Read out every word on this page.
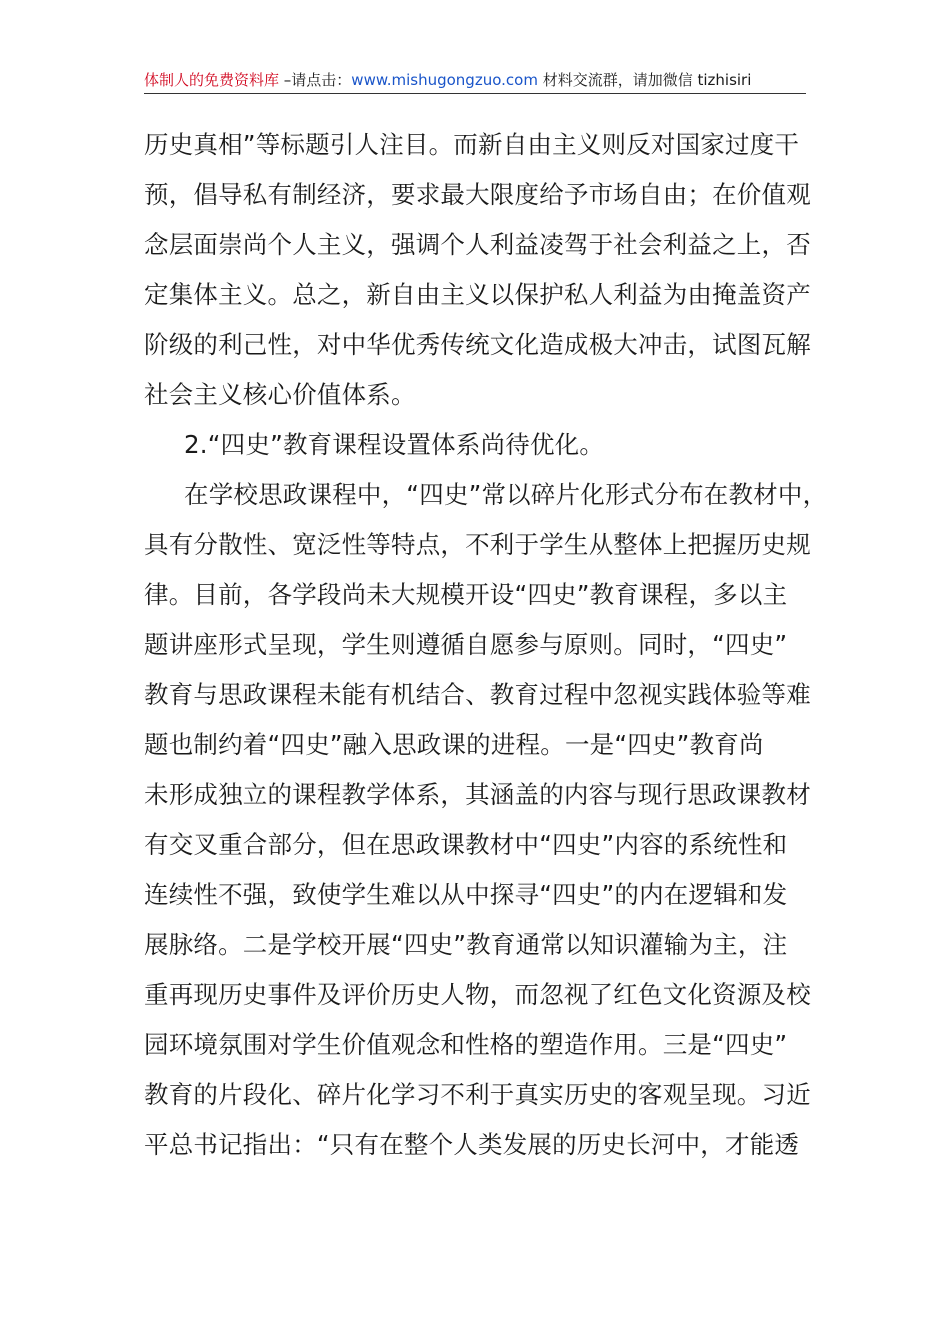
体制人的免费资料库 –请点击：www.mishugongzuo.com 材料交流群，请加微信 tizhisiri
历史真相”等标题引人注目。而新自由主义则反对国家过度干
预，倡导私有制经济，要求最大限度给予市场自由；在价值观
念层面崇尚个人主义，强调个人利益凌驾于社会利益之上，否
定集体主义。总之，新自由主义以保护私人利益为由掩盖资产
阶级的利己性，对中华优秀传统文化造成极大冲击，试图瓦解
社会主义核心价值体系。
2.“四史”教育课程设置体系尚待优化。
在学校思政课程中，“四史”常以碎片化形式分布在教材中，
具有分散性、宽泛性等特点，不利于学生从整体上把握历史规
律。目前，各学段尚未大规模开设“四史”教育课程，多以主
题讲座形式呈现，学生则遵循自愿参与原则。同时，“四史”
教育与思政课程未能有机结合、教育过程中忽视实践体验等难
题也制约着“四史”融入思政课的进程。一是“四史”教育尚
未形成独立的课程教学体系，其涵盖的内容与现行思政课教材
有交叉重合部分，但在思政课教材中“四史”内容的系统性和
连续性不强，致使学生难以从中探寻“四史”的内在逻辑和发
展脉络。二是学校开展“四史”教育通常以知识灌输为主，注
重再现历史事件及评价历史人物，而忽视了红色文化资源及校
园环境氛围对学生价值观念和性格的塑造作用。三是“四史”
教育的片段化、碎片化学习不利于真实历史的客观呈现。习近
平总书记指出：“只有在整个人类发展的历史长河中，才能透
